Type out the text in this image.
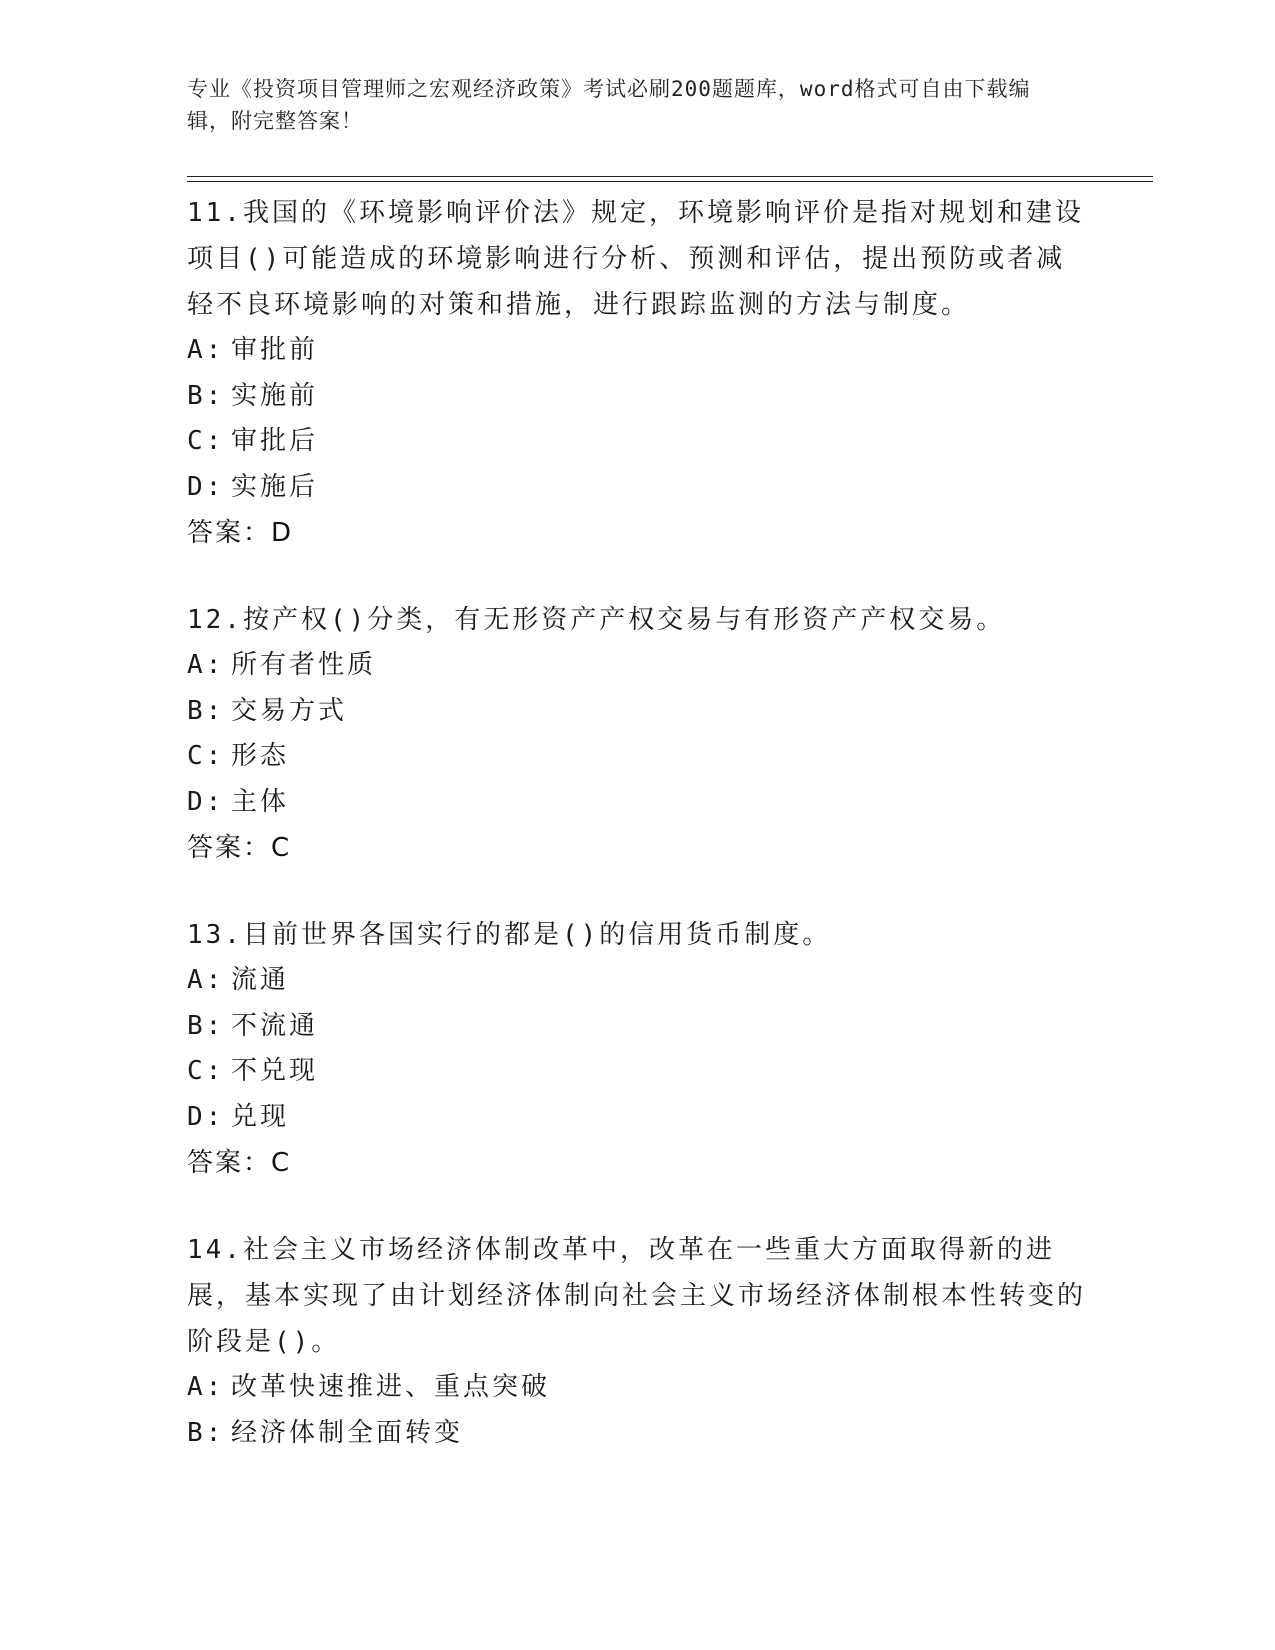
专业《投资项目管理师之宏观经济政策》考试必刷200题题库，word格式可自由下载编辑，附完整答案！

11.我国的《环境影响评价法》规定，环境影响评价是指对规划和建设项目()可能造成的环境影响进行分析、预测和评估，提出预防或者减轻不良环境影响的对策和措施，进行跟踪监测的方法与制度。

A: 审批前

B: 实施前

C: 审批后

D: 实施后

答案：D

12.按产权()分类，有无形资产产权交易与有形资产产权交易。

A: 所有者性质

B: 交易方式

C: 形态

D: 主体

答案：C

13.目前世界各国实行的都是()的信用货币制度。

A: 流通

B: 不流通

C: 不兑现

D: 兑现

答案：C

14.社会主义市场经济体制改革中，改革在一些重大方面取得新的进展，基本实现了由计划经济体制向社会主义市场经济体制根本性转变的阶段是()。

A: 改革快速推进、重点突破

B: 经济体制全面转变
